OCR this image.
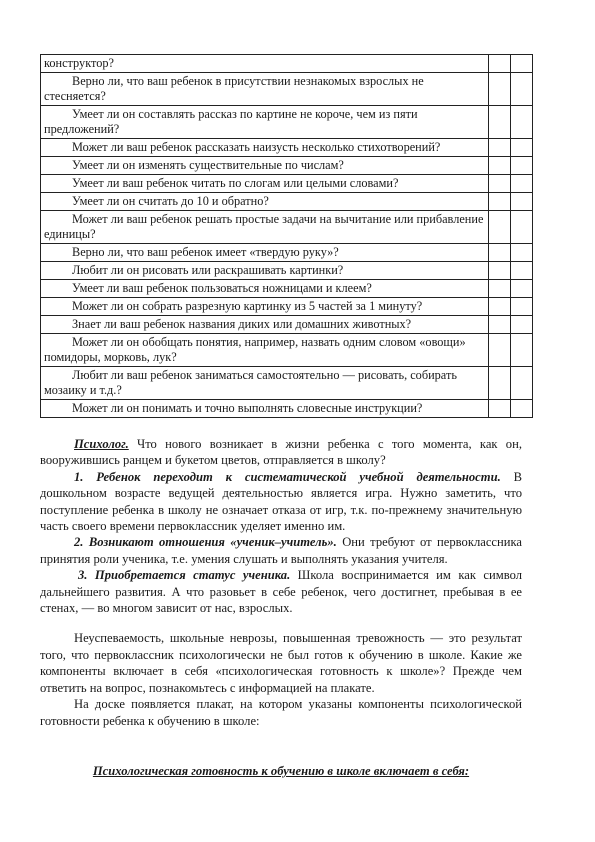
конструктор?		
Верно ли, что ваш ребенок в присутствии незнакомых взрослых не стесняется?		
Умеет ли он составлять рассказ по картине не короче, чем из пяти предложений?		
Может ли ваш ребенок рассказать наизусть несколько стихотворений?		
Умеет ли он изменять существительные по числам?		
Умеет ли ваш ребенок читать по слогам или целыми словами?		
Умеет ли он считать до 10 и обратно?		
Может ли ваш ребенок решать простые задачи на вычитание или прибавление единицы?		
Верно ли, что ваш ребенок имеет «твердую руку»?		
Любит ли он рисовать или раскрашивать картинки?		
Умеет ли ваш ребенок пользоваться ножницами и клеем?		
Может ли он собрать разрезную картинку из 5 частей за 1 минуту?		
Знает ли ваш ребенок названия диких или домашних животных?		
Может ли он обобщать понятия, например, назвать одним словом «овощи» помидоры, морковь, лук?		
Любит ли ваш ребенок заниматься самостоятельно — рисовать, собирать мозаику и т.д.?		
Может ли он понимать и точно выполнять словесные инструкции?		

Психолог. Что нового возникает в жизни ребенка с того момента, как он, вооружившись ранцем и букетом цветов, отправляется в школу?

1. Ребенок переходит к систематической учебной деятельности. В дошкольном возрасте ведущей деятельностью является игра. Нужно заметить, что поступление ребенка в школу не означает отказа от игр, т.к. по-прежнему значительную часть своего времени первоклассник уделяет именно им.

2. Возникают отношения «ученик–учитель». Они требуют от первоклассника принятия роли ученика, т.е. умения слушать и выполнять указания учителя.

3. Приобретается статус ученика. Школа воспринимается им как символ дальнейшего развития. А что разовьет в себе ребенок, чего достигнет, пребывая в ее стенах, — во многом зависит от нас, взрослых.

Неуспеваемость, школьные неврозы, повышенная тревожность — это результат того, что первоклассник психологически не был готов к обучению в школе. Какие же компоненты включает в себя «психологическая готовность к школе»? Прежде чем ответить на вопрос, познакомьтесь с информацией на плакате.

На доске появляется плакат, на котором указаны компоненты психологической готовности ребенка к обучению в школе:

Психологическая готовность к обучению в школе включает в себя:
